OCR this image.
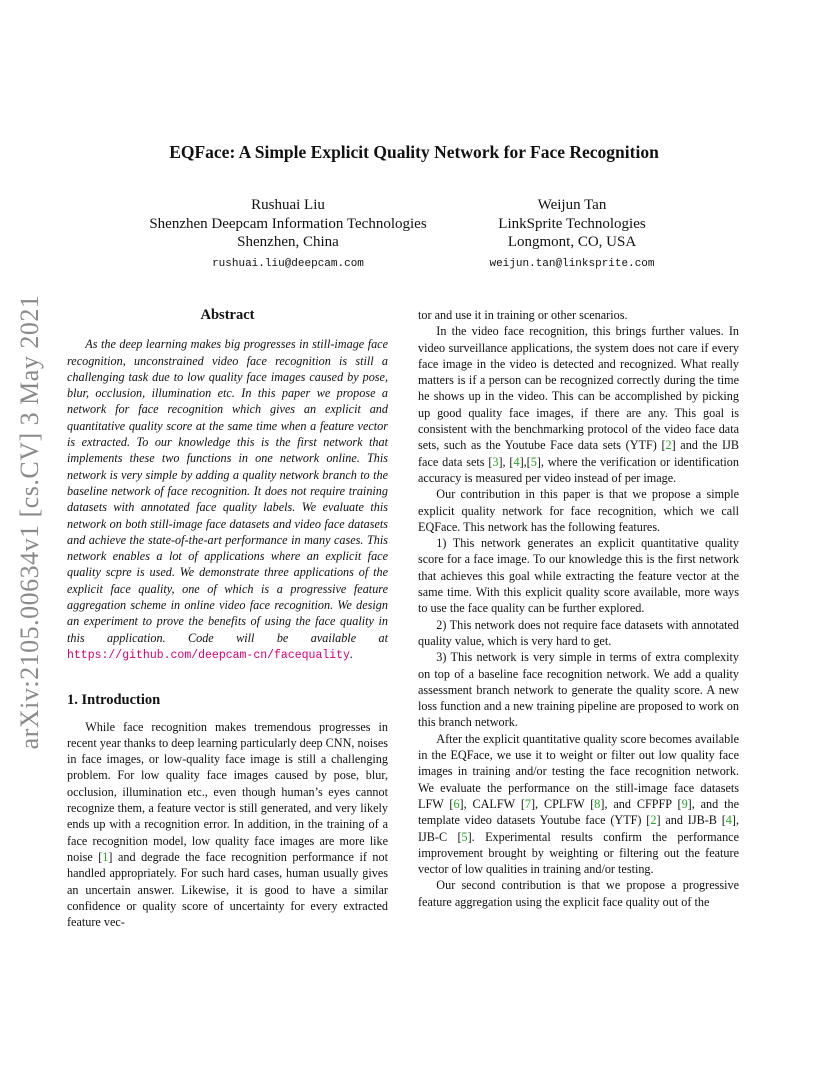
arXiv:2105.00634v1 [cs.CV] 3 May 2021
EQFace: A Simple Explicit Quality Network for Face Recognition
Rushuai Liu
Shenzhen Deepcam Information Technologies
Shenzhen, China
rushuai.liu@deepcam.com
Weijun Tan
LinkSprite Technologies
Longmont, CO, USA
weijun.tan@linksprite.com
Abstract

As the deep learning makes big progresses in still-image face recognition, unconstrained video face recognition is still a challenging task due to low quality face images caused by pose, blur, occlusion, illumination etc. In this paper we propose a network for face recognition which gives an explicit and quantitative quality score at the same time when a feature vector is extracted. To our knowledge this is the first network that implements these two functions in one network online. This network is very simple by adding a quality network branch to the baseline network of face recognition. It does not require training datasets with annotated face quality labels. We evaluate this network on both still-image face datasets and video face datasets and achieve the state-of-the-art performance in many cases. This network enables a lot of applications where an explicit face quality scpre is used. We demonstrate three applications of the explicit face quality, one of which is a progressive feature aggregation scheme in online video face recognition. We design an experiment to prove the benefits of using the face quality in this application. Code will be available at https://github.com/deepcam-cn/facequality.

1. Introduction

While face recognition makes tremendous progresses in recent year thanks to deep learning particularly deep CNN, noises in face images, or low-quality face image is still a challenging problem. For low quality face images caused by pose, blur, occlusion, illumination etc., even though human’s eyes cannot recognize them, a feature vector is still generated, and very likely ends up with a recognition error. In addition, in the training of a face recognition model, low quality face images are more like noise [1] and degrade the face recognition performance if not handled appropriately. For such hard cases, human usually gives an uncertain answer. Likewise, it is good to have a similar confidence or quality score of uncertainty for every extracted feature vec-

tor and use it in training or other scenarios.

In the video face recognition, this brings further values. In video surveillance applications, the system does not care if every face image in the video is detected and recognized. What really matters is if a person can be recognized correctly during the time he shows up in the video. This can be accomplished by picking up good quality face images, if there are any. This goal is consistent with the benchmarking protocol of the video face data sets, such as the Youtube Face data sets (YTF) [2] and the IJB face data sets [3], [4],[5], where the verification or identification accuracy is measured per video instead of per image.

Our contribution in this paper is that we propose a simple explicit quality network for face recognition, which we call EQFace. This network has the following features.

1) This network generates an explicit quantitative quality score for a face image. To our knowledge this is the first network that achieves this goal while extracting the feature vector at the same time. With this explicit quality score available, more ways to use the face quality can be further explored.

2) This network does not require face datasets with annotated quality value, which is very hard to get.

3) This network is very simple in terms of extra complexity on top of a baseline face recognition network. We add a quality assessment branch network to generate the quality score. A new loss function and a new training pipeline are proposed to work on this branch network.

After the explicit quantitative quality score becomes available in the EQFace, we use it to weight or filter out low quality face images in training and/or testing the face recognition network. We evaluate the performance on the still-image face datasets LFW [6], CALFW [7], CPLFW [8], and CFPFP [9], and the template video datasets Youtube face (YTF) [2] and IJB-B [4], IJB-C [5]. Experimental results confirm the performance improvement brought by weighting or filtering out the feature vector of low qualities in training and/or testing.

Our second contribution is that we propose a progressive feature aggregation using the explicit face quality out of the
